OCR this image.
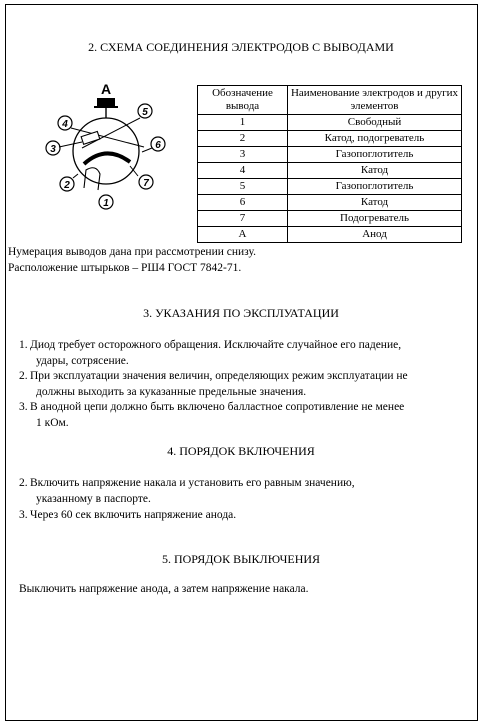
2. СХЕМА СОЕДИНЕНИЯ ЭЛЕКТРОДОВ С ВЫВОДАМИ
А
4
3
2
1
7
6
5
Обозначение вывода	Наименование электродов и других элементов
1	Свободный
2	Катод, подогреватель
3	Газопоглотитель
4	Катод
5	Газопоглотитель
6	Катод
7	Подогреватель
А	Анод
Нумерация выводов дана при рассмотрении снизу.
Расположение штырьков – РШ4 ГОСТ 7842-71.
3. УКАЗАНИЯ ПО ЭКСПЛУАТАЦИИ
1. Диод требует осторожного обращения. Исключайте случайное его падение,
удары, сотрясение.
2. При эксплуатации значения величин, определяющих режим эксплуатации не
должны выходить за куказанные предельные значения.
3. В анодной цепи должно быть включено балластное сопротивление не менее
1 кОм.
4. ПОРЯДОК ВКЛЮЧЕНИЯ
2. Включить напряжение накала и установить его равным значению,
указанному в паспорте.
3. Через 60 сек включить напряжение анода.
5. ПОРЯДОК ВЫКЛЮЧЕНИЯ
Выключить напряжение анода, а затем напряжение накала.
